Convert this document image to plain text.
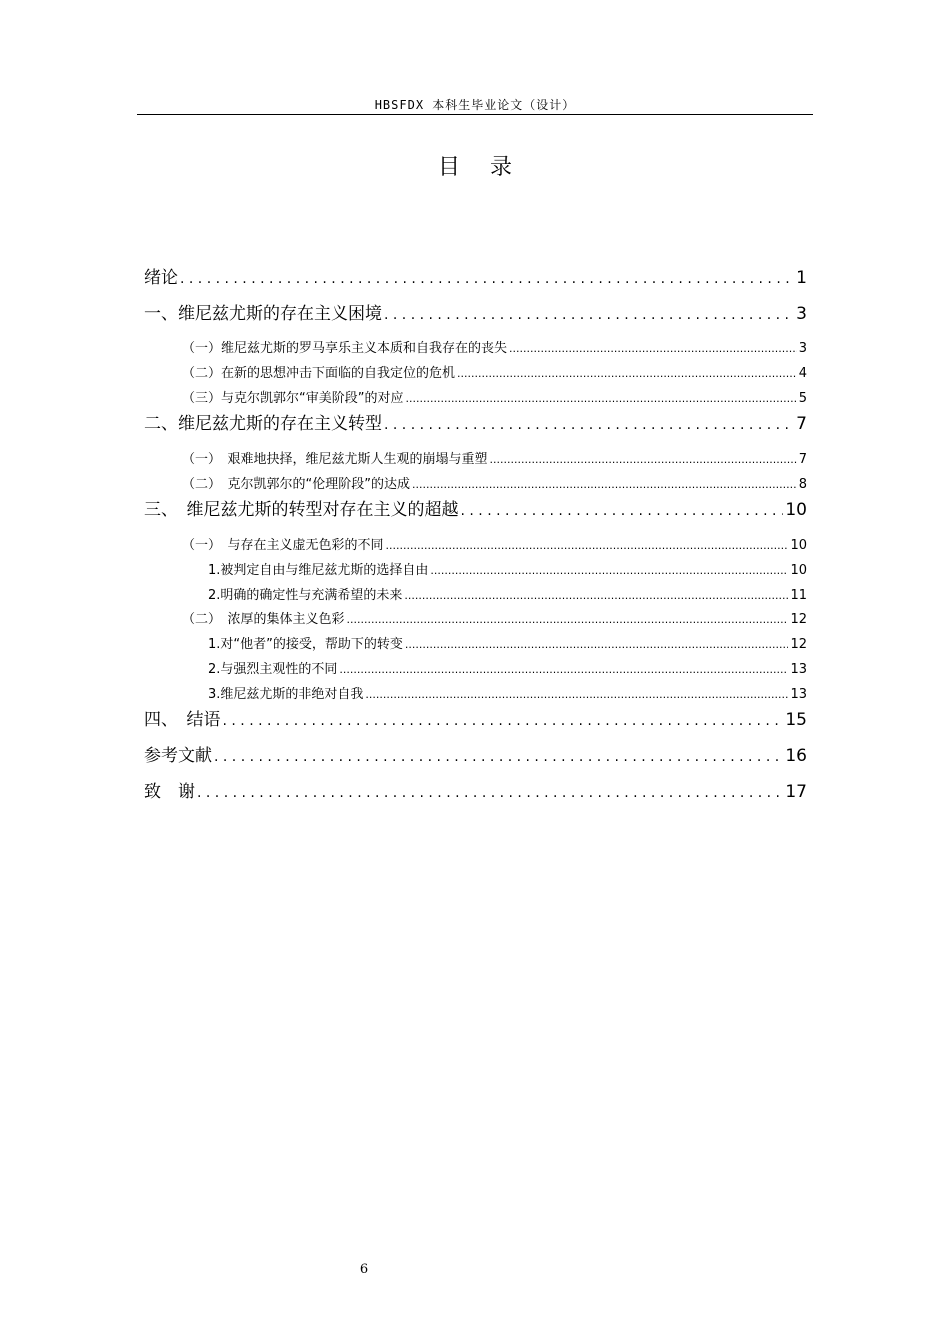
HBSFDX 本科生毕业论文（设计）
目录
绪论 . . .	1
一、维尼兹尤斯的存在主义困境 . . .	3
（一）维尼兹尤斯的罗马享乐主义本质和自我存在的丧失 .....	3
（二）在新的思想冲击下面临的自我定位的危机 .....	4
（三）与克尔凯郭尔“审美阶段”的对应 .....	5
二、维尼兹尤斯的存在主义转型 . . .	7
（一）　艰难地抉择，维尼兹尤斯人生观的崩塌与重塑 .....	7
（二）　克尔凯郭尔的“伦理阶段”的达成 .....	8
三、　维尼兹尤斯的转型对存在主义的超越 . . .	10
（一）　与存在主义虚无色彩的不同 .....	10
1.被判定自由与维尼兹尤斯的选择自由 .....	10
2.明确的确定性与充满希望的未来 .....	11
（二）　浓厚的集体主义色彩 .....	12
1.对“他者”的接受，帮助下的转变 .....	12
2.与强烈主观性的不同 .....	13
3.维尼兹尤斯的非绝对自我 .....	13
四、　结语 . . .	15
参考文献 . . .	16
致　谢 . . .	17
6
